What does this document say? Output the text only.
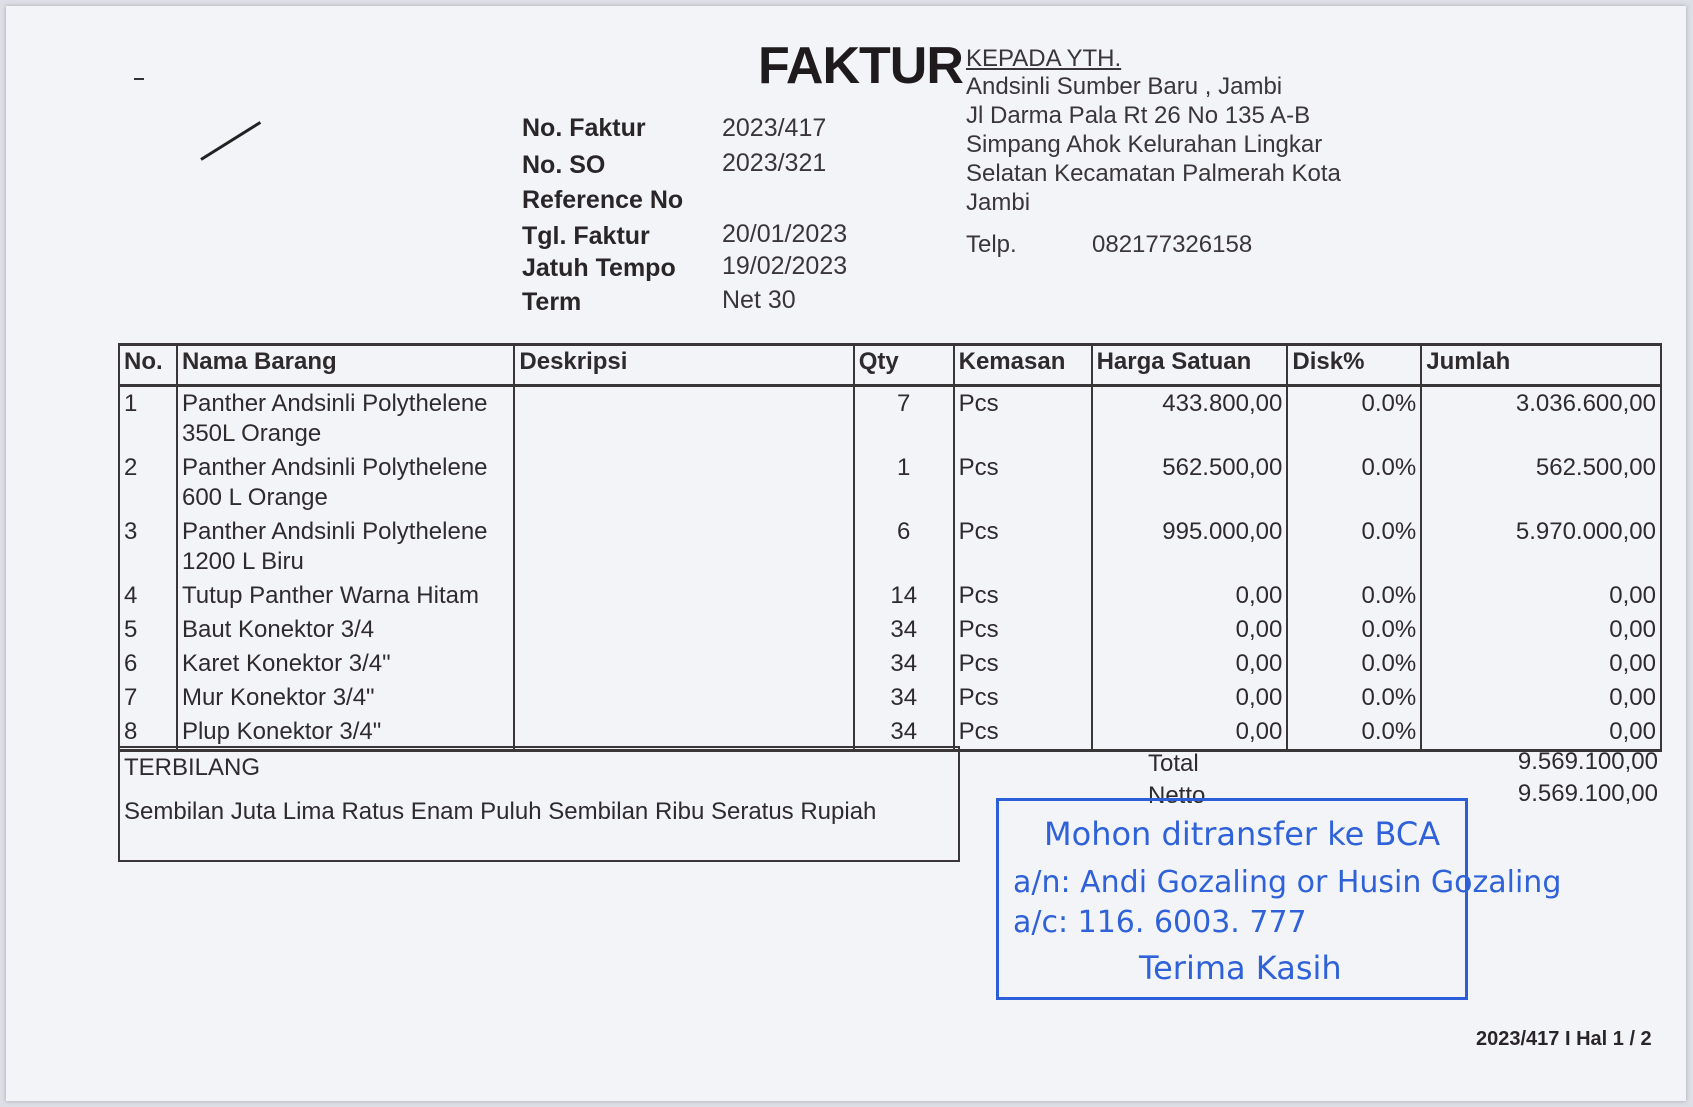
FAKTUR
No. Faktur	2023/417
No. SO	2023/321
Reference No
Tgl. Faktur	20/01/2023
Jatuh Tempo 19/02/2023
Term	Net 30
KEPADA YTH.
Andsinli Sumber Baru , Jambi
Jl Darma Pala Rt 26 No 135 A-B
Simpang Ahok Kelurahan Lingkar
Selatan Kecamatan Palmerah Kota
Jambi
Telp.	082177326158
No.	Nama Barang	Deskripsi	Qty	Kemasan	Harga Satuan	Disk%	Jumlah
1	Panther Andsinli Polythelene 350L Orange		7	Pcs	433.800,00	0.0%	3.036.600,00
2	Panther Andsinli Polythelene 600 L Orange		1	Pcs	562.500,00	0.0%	562.500,00
3	Panther Andsinli Polythelene 1200 L Biru		6	Pcs	995.000,00	0.0%	5.970.000,00
4	Tutup Panther Warna Hitam		14	Pcs	0,00	0.0%	0,00
5	Baut Konektor 3/4		34	Pcs	0,00	0.0%	0,00
6	Karet Konektor 3/4"		34	Pcs	0,00	0.0%	0,00
7	Mur Konektor 3/4"		34	Pcs	0,00	0.0%	0,00
8	Plup Konektor 3/4"		34	Pcs	0,00	0.0%	0,00
TERBILANG
Sembilan Juta Lima Ratus Enam Puluh Sembilan Ribu Seratus Rupiah
Total	9.569.100,00
Netto	9.569.100,00
Mohon ditransfer ke BCA
a/n: Andi Gozaling or Husin Gozaling
a/c: 116. 6003. 777
Terima Kasih
2023/417 I Hal 1 / 2
